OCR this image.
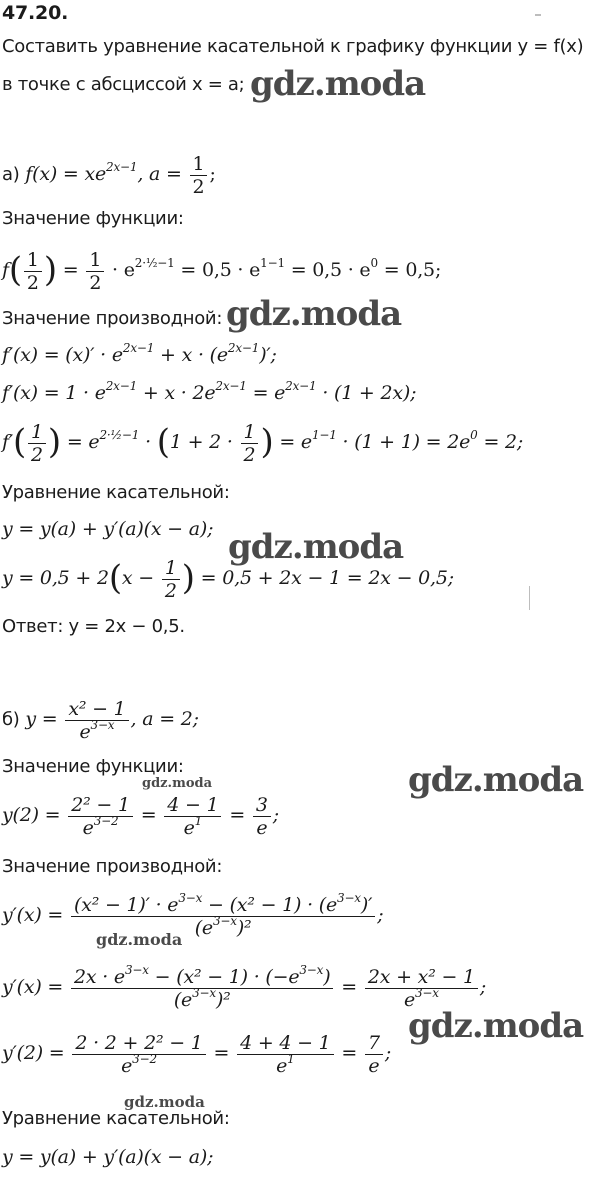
47.20.
Составить уравнение касательной к графику функции y = f(x)
в точке с абсциссой x = a; gdz.moda
а) $f(x) = xe^{2x-1}$, $a = \frac{1}{2}$ ;
Значение функции:
$f( \frac{1}{2}$ ) = $\frac{1}{2} \cdot e^{2\cdot\frac{1}{2}-1} = 0,5 \cdot e^{1-1} = 0,5 \cdot e^0 = 0,5$;
Значение производной: gdz.moda
$f'(x) = (x)' \cdot e^{2x-1} + x \cdot (e^{2x-1})'$;
$f'(x) = 1 \cdot e^{2x-1} + x \cdot 2e^{2x-1} = e^{2x-1} \cdot (1 + 2x)$;
$f'( \frac{1}{2}$ ) = $e^{2\cdot\frac{1}{2}-1} \cdot (1 + 2 \cdot \frac{1}{2}$ ) = $e^{1-1} \cdot (1 + 1) = 2e^0 = 2$;
Уравнение касательной:
y = y(a) + y′(a)(x − a); gdz.moda
$y = 0,5 + 2(x - \frac{1}{2}$ ) = 0,5 + 2x − 1 = 2x − 0,5;
Ответ: y = 2x − 0,5.
б) $y = \frac{\text{x² − 1}}{e^{3-x}}$ , a = 2;
Значение функции:
gdz.moda	gdz.moda
$y(2) = \frac{\text{2² − 1}}{e^{3-2}} = \frac{4 - 1}{e^1} = \frac{3}{e}$ ;
Значение производной:
$y'(x) = \frac{(x^2 - 1)' \cdot e^{3-x} - (x^2 - 1) \cdot (e^{3-x})'}{(e^{3-x})^2}$ ;
gdz.moda
$y'(x) = \frac{2x \cdot e^{3-x} - (x^2 - 1) \cdot (-e^{3-x})}{(e^{3-x})^2} = \frac{\text{2x + x² − 1}}{e^{3-x}}$ ;
gdz.moda
$y'(2) = \frac{\text{2 · 2 + 2² − 1}}{e^{3-2}} = \frac{4 + 4 - 1}{e^1} = \frac{7}{e}$ ;
gdz.moda
Уравнение касательной:
y = y(a) + y′(a)(x − a);
